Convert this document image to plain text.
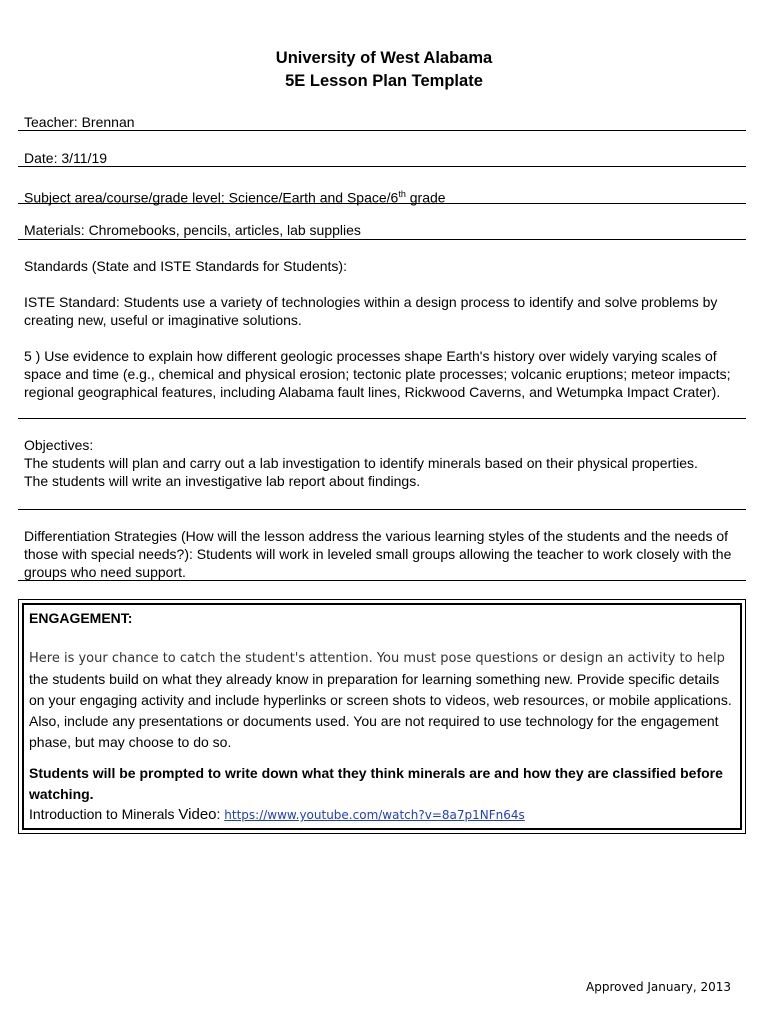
University of West Alabama
5E Lesson Plan Template
Teacher: Brennan
Date: 3/11/19
Subject area/course/grade level: Science/Earth and Space/6th grade
Materials: Chromebooks, pencils, articles, lab supplies

Standards (State and ISTE Standards for Students):

ISTE Standard: Students use a variety of technologies within a design process to identify and solve problems by creating new, useful or imaginative solutions.

5 ) Use evidence to explain how different geologic processes shape Earth's history over widely varying scales of space and time (e.g., chemical and physical erosion; tectonic plate processes; volcanic eruptions; meteor impacts; regional geographical features, including Alabama fault lines, Rickwood Caverns, and Wetumpka Impact Crater).

Objectives:

The students will plan and carry out a lab investigation to identify minerals based on their physical properties.

The students will write an investigative lab report about findings.

Differentiation Strategies (How will the lesson address the various learning styles of the students and the needs of those with special needs?): Students will work in leveled small groups allowing the teacher to work closely with the groups who need support.

ENGAGEMENT:

Here is your chance to catch the student's attention. You must pose questions or design an activity to help the students build on what they already know in preparation for learning something new. Provide specific details on your engaging activity and include hyperlinks or screen shots to videos, web resources, or mobile applications. Also, include any presentations or documents used. You are not required to use technology for the engagement phase, but may choose to do so.

Students will be prompted to write down what they think minerals are and how they are classified before watching.

Introduction to Minerals Video: https://www.youtube.com/watch?v=8a7p1NFn64s

Approved January, 2013
